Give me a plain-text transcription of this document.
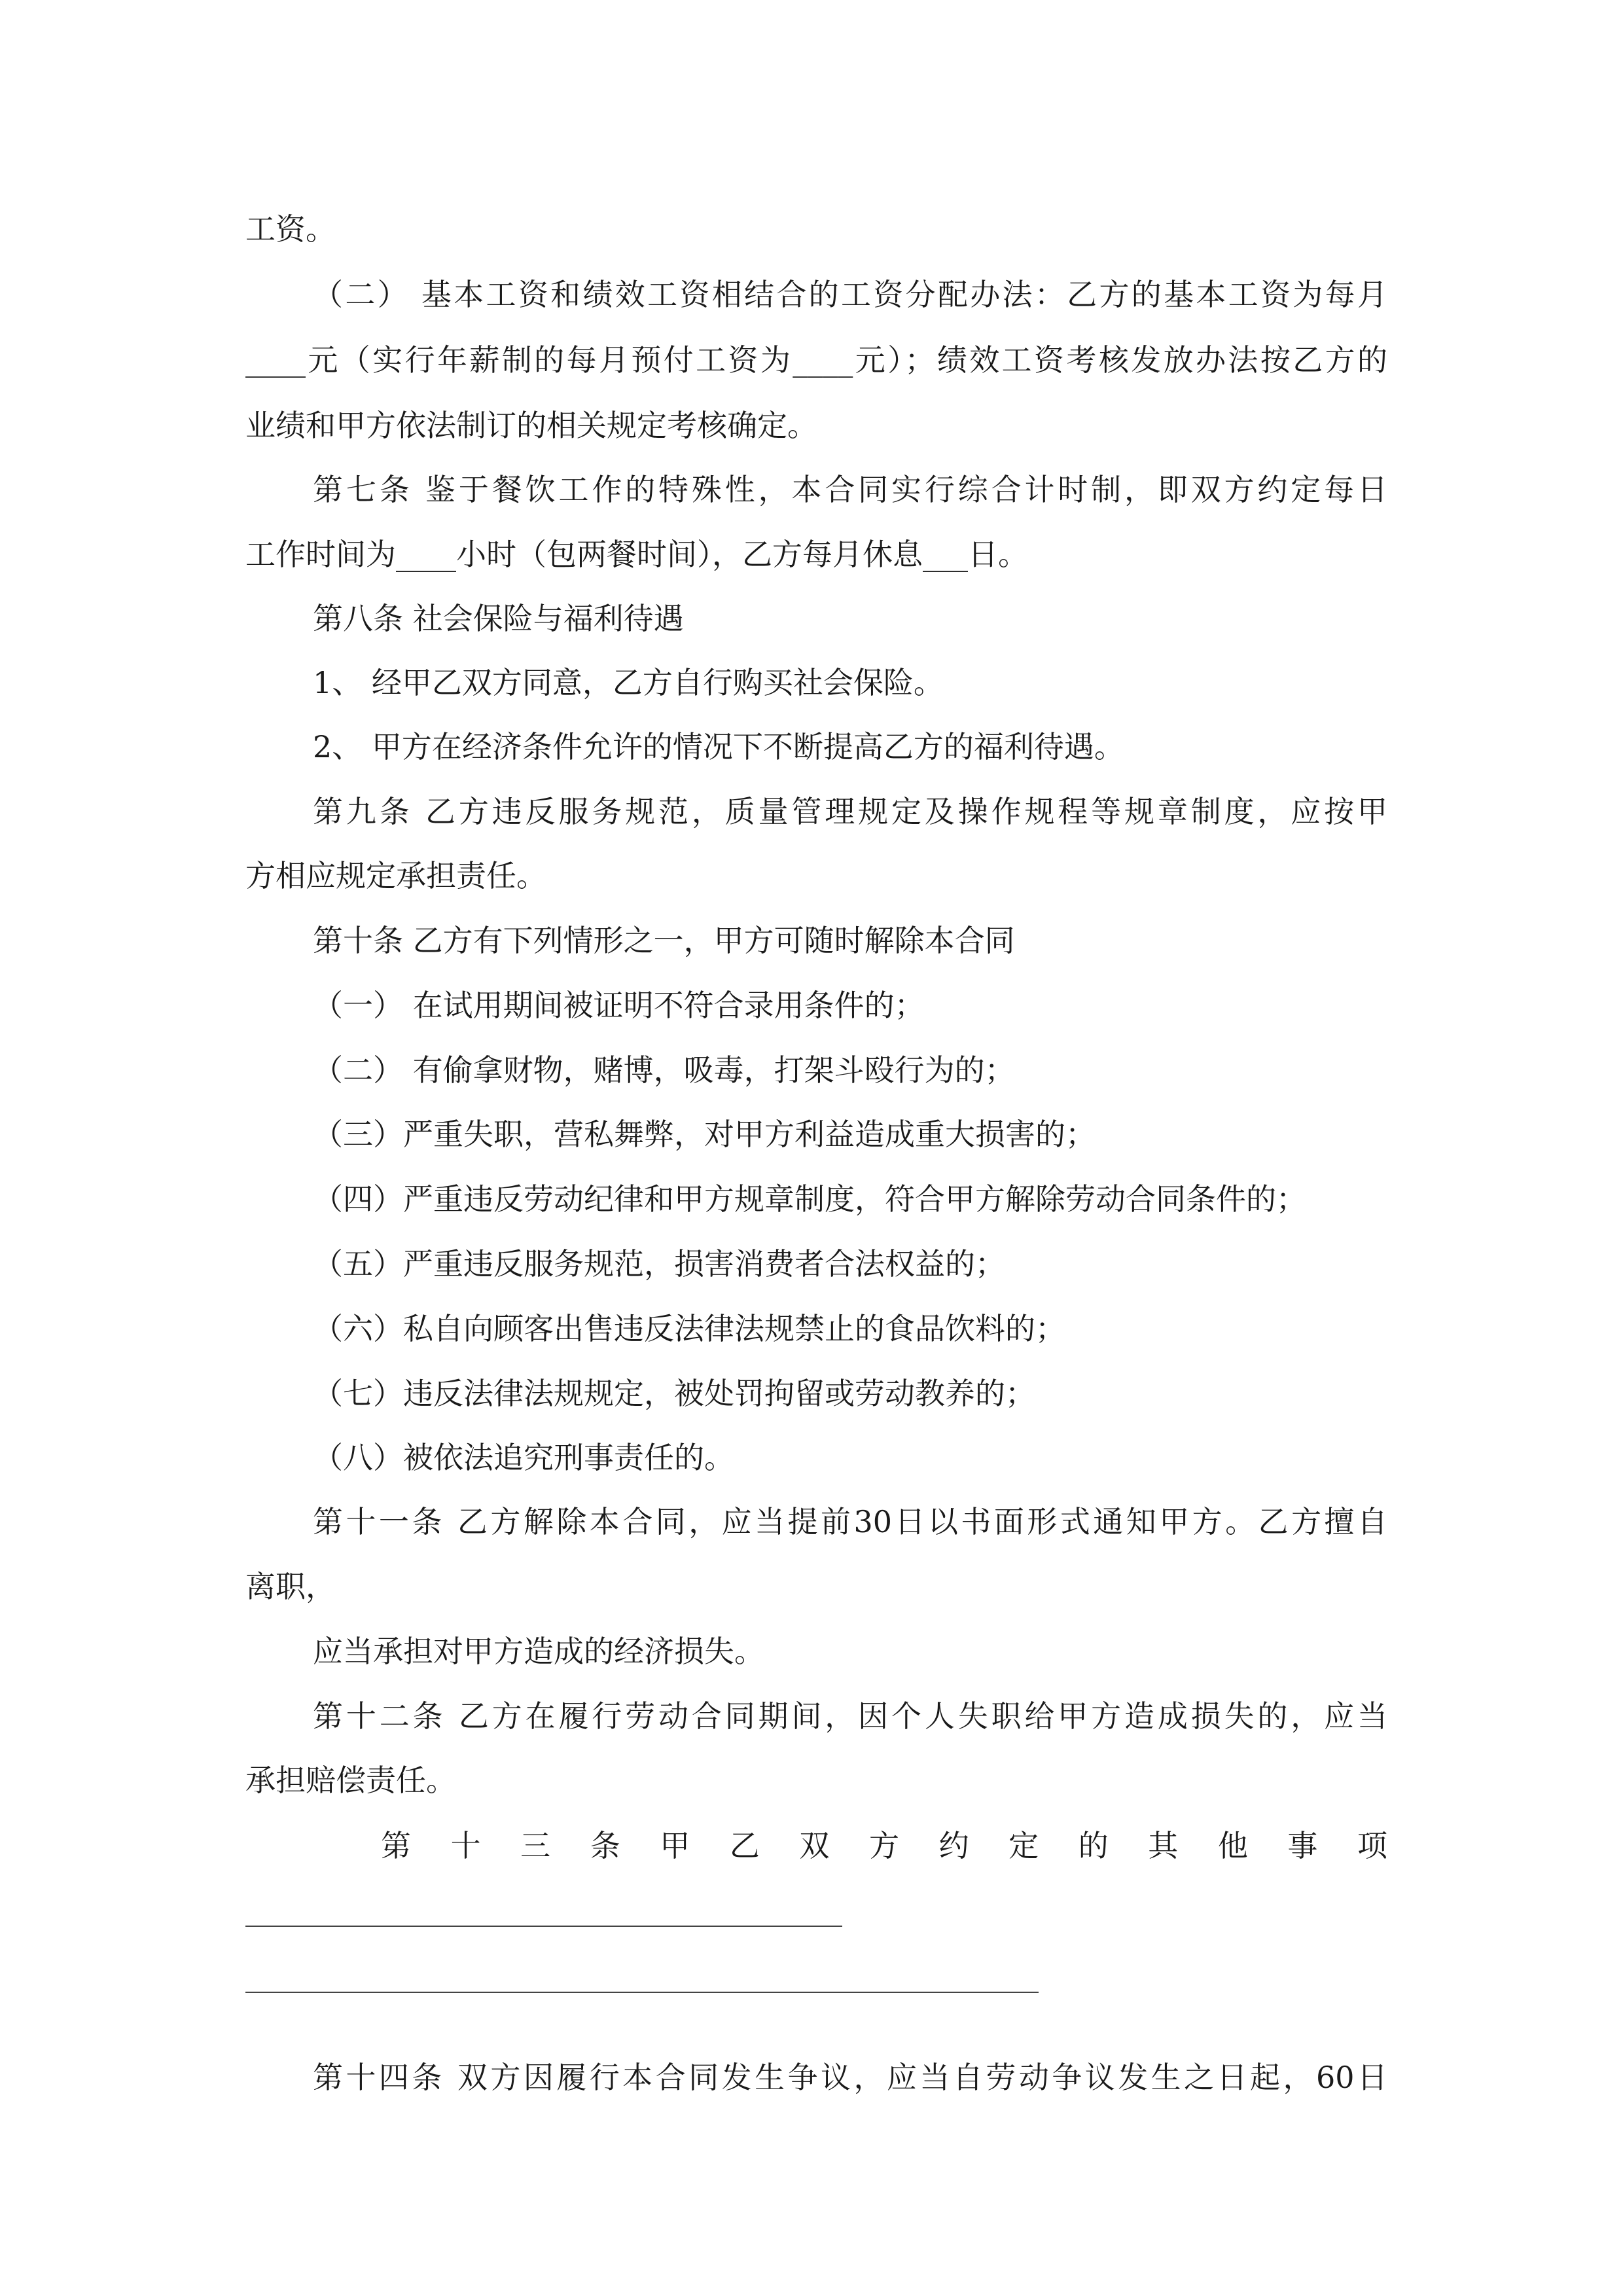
工资。
（二） 基本工资和绩效工资相结合的工资分配办法：乙方的基本工资为每月
____元（实行年薪制的每月预付工资为____元）；绩效工资考核发放办法按乙方的
业绩和甲方依法制订的相关规定考核确定。
第七条 鉴于餐饮工作的特殊性，本合同实行综合计时制，即双方约定每日
工作时间为____小时（包两餐时间），乙方每月休息___日。
第八条 社会保险与福利待遇
1、 经甲乙双方同意，乙方自行购买社会保险。
2、 甲方在经济条件允许的情况下不断提高乙方的福利待遇。
第九条 乙方违反服务规范，质量管理规定及操作规程等规章制度，应按甲
方相应规定承担责任。
第十条 乙方有下列情形之一，甲方可随时解除本合同
（一） 在试用期间被证明不符合录用条件的；
（二） 有偷拿财物，赌博，吸毒，打架斗殴行为的；
（三）严重失职，营私舞弊，对甲方利益造成重大损害的；
（四）严重违反劳动纪律和甲方规章制度，符合甲方解除劳动合同条件的；
（五）严重违反服务规范，损害消费者合法权益的；
（六）私自向顾客出售违反法律法规禁止的食品饮料的；
（七）违反法律法规规定，被处罚拘留或劳动教养的；
（八）被依法追究刑事责任的。
第十一条 乙方解除本合同，应当提前30日以书面形式通知甲方。乙方擅自
离职，
应当承担对甲方造成的经济损失。
第十二条 乙方在履行劳动合同期间，因个人失职给甲方造成损失的，应当
承担赔偿责任。
第 十 三 条 甲 乙 双 方 约 定 的 其 他 事 项
第十四条 双方因履行本合同发生争议，应当自劳动争议发生之日起，60日
